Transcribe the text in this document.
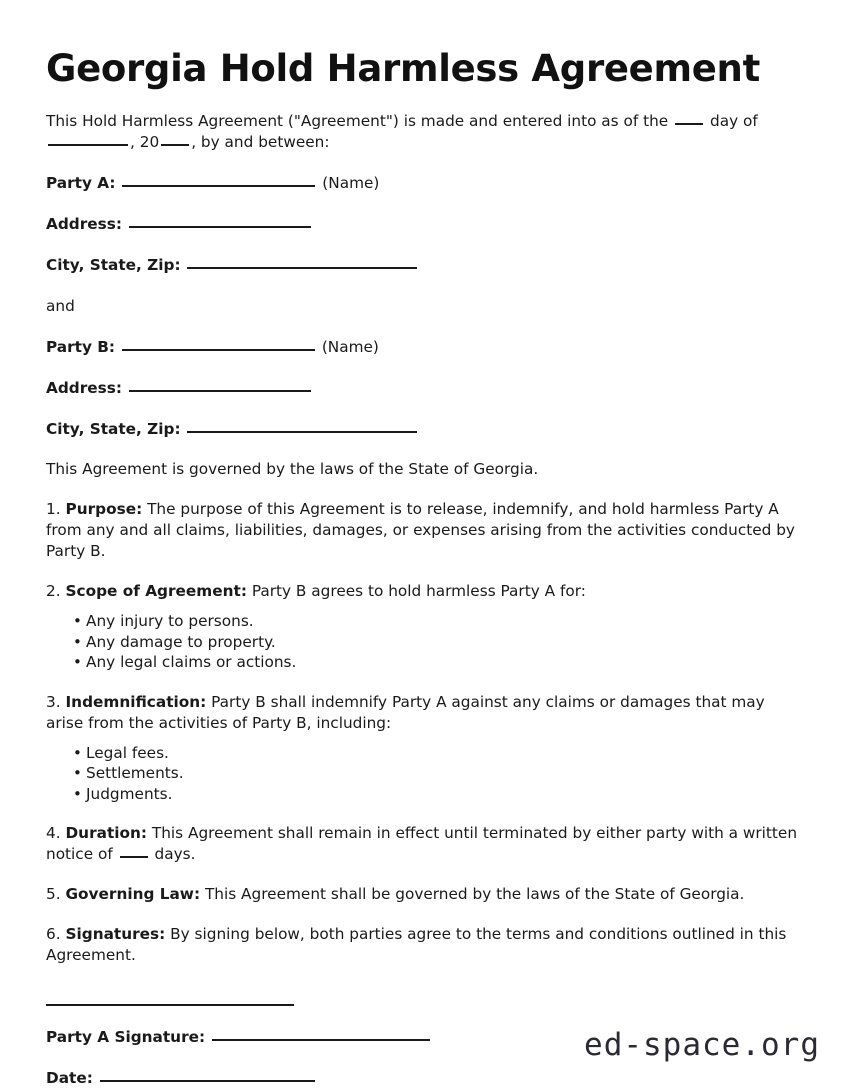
Georgia Hold Harmless Agreement

This Hold Harmless Agreement ("Agreement") is made and entered into as of the	day of , 20 , by and between:

Party A:	(Name)

Address:

City, State, Zip:

and

Party B:	(Name)

Address:

City, State, Zip:

This Agreement is governed by the laws of the State of Georgia.

1. Purpose: The purpose of this Agreement is to release, indemnify, and hold harmless Party A from any and all claims, liabilities, damages, or expenses arising from the activities conducted by Party B.

2. Scope of Agreement: Party B agrees to hold harmless Party A for:

• Any injury to persons.
• Any damage to property.
• Any legal claims or actions.

3. Indemnification: Party B shall indemnify Party A against any claims or damages that may arise from the activities of Party B, including:

• Legal fees.
• Settlements.
• Judgments.

4. Duration: This Agreement shall remain in effect until terminated by either party with a written notice of	days.

5. Governing Law: This Agreement shall be governed by the laws of the State of Georgia.

6. Signatures: By signing below, both parties agree to the terms and conditions outlined in this Agreement.

Party A Signature:

Date:

ed-space.org
